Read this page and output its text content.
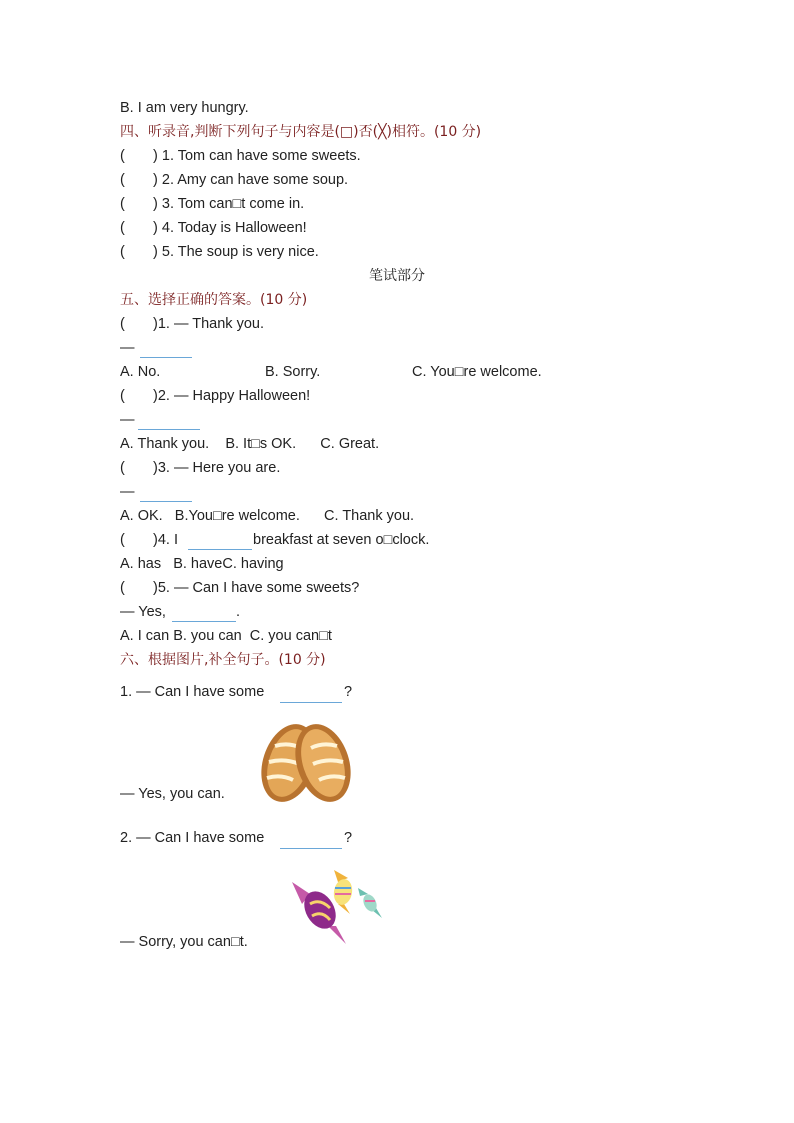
B. I am very hungry.
四、听录音,判断下列句子与内容是(□)否(╳)相符。(10 分)
(       ) 1. Tom can have some sweets.
(       ) 2. Amy can have some soup.
(       ) 3. Tom can□t come in.
(       ) 4. Today is Halloween!
(       ) 5. The soup is very nice.
笔试部分
五、选择正确的答案。(10 分)
(       )1. — Thank you.
—
A. No.	B. Sorry.	C. You□re welcome.
(       )2. — Happy Halloween!
—
A. Thank you.    B. It□s OK.      C. Great.
(       )3. — Here you are.
—
A. OK.   B.You□re welcome.      C. Thank you.
(       )4. I	breakfast at seven o□clock.
A. has   B. haveC. having
(       )5. — Can I have some sweets?
— Yes,	.
A. I can B. you can  C. you can□t
六、根据图片,补全句子。(10 分)
1. — Can I have some	?
— Yes, you can.
2. — Can I have some	?
— Sorry, you can□t.
